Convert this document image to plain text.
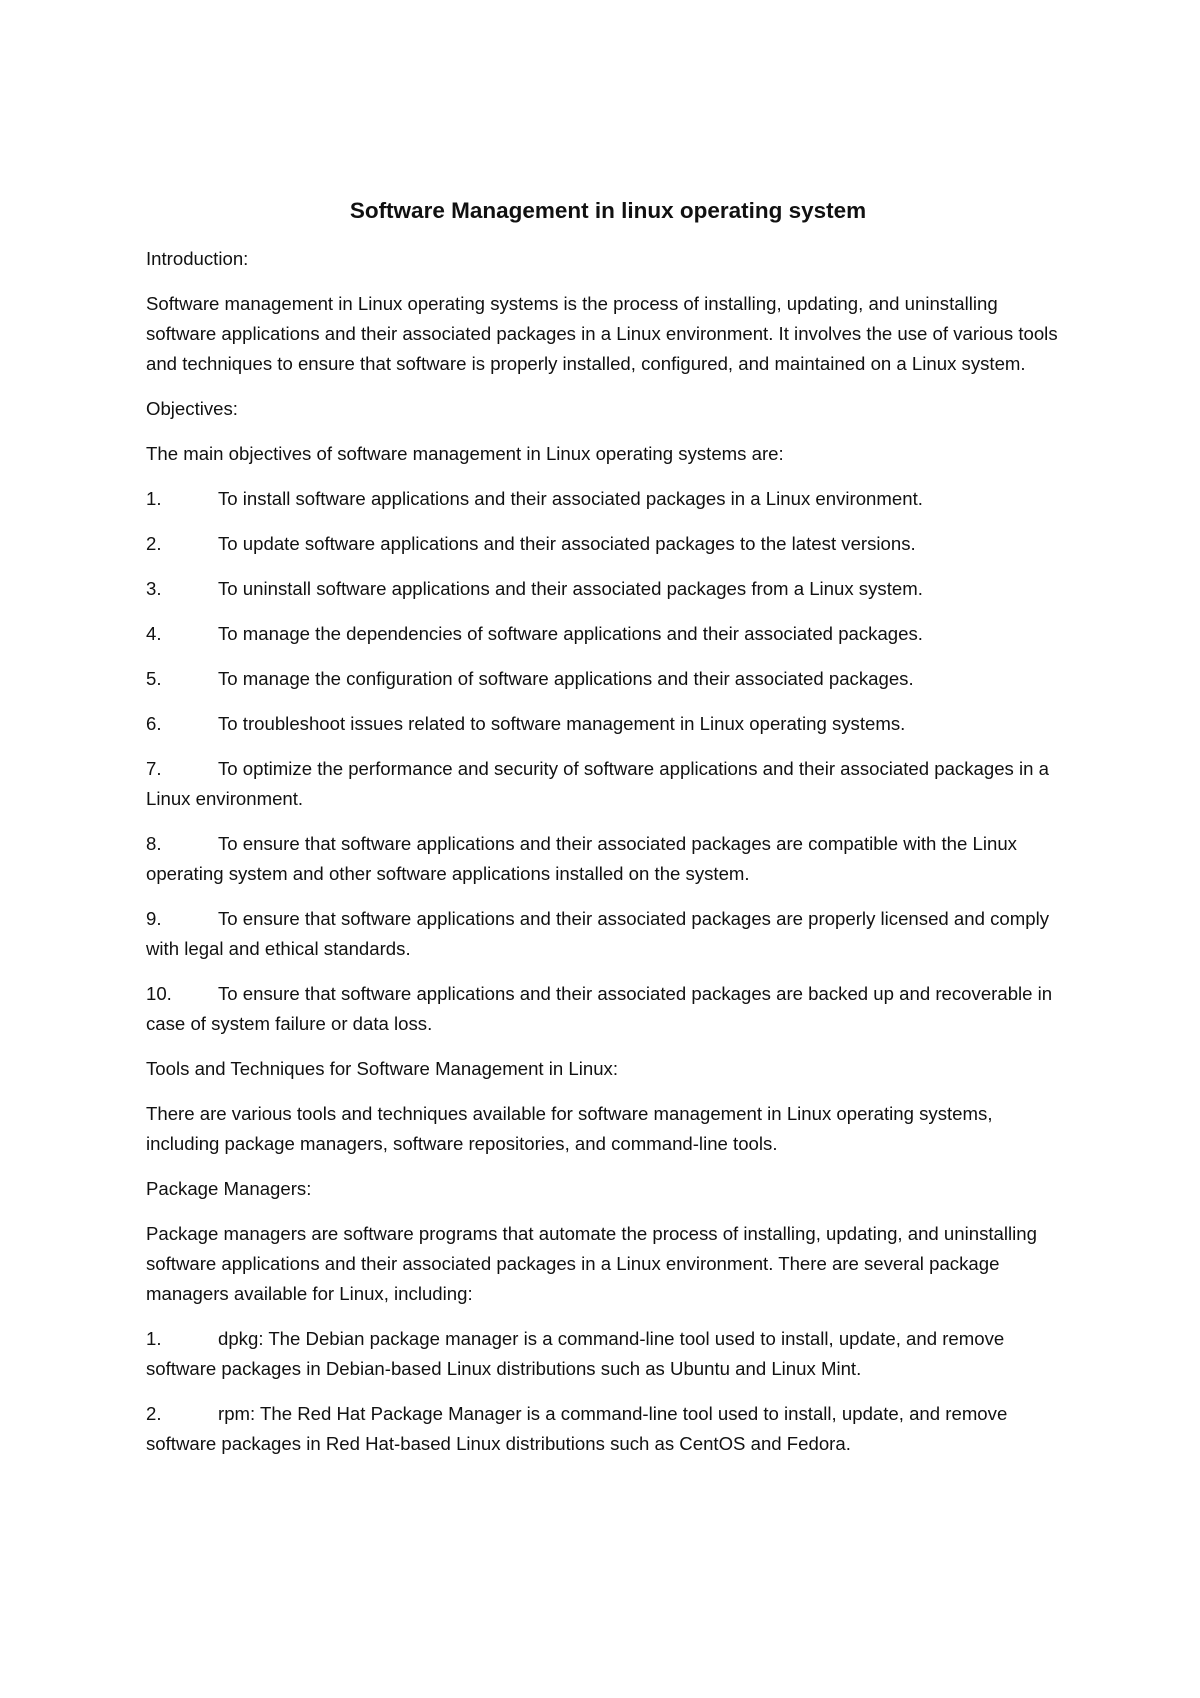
Software Management in linux operating system

Introduction:

Software management in Linux operating systems is the process of installing, updating, and uninstalling software applications and their associated packages in a Linux environment. It involves the use of various tools and techniques to ensure that software is properly installed, configured, and maintained on a Linux system.

Objectives:

The main objectives of software management in Linux operating systems are:

1.	To install software applications and their associated packages in a Linux environment.
2.	To update software applications and their associated packages to the latest versions.
3.	To uninstall software applications and their associated packages from a Linux system.
4.	To manage the dependencies of software applications and their associated packages.
5.	To manage the configuration of software applications and their associated packages.
6.	To troubleshoot issues related to software management in Linux operating systems.
7.	To optimize the performance and security of software applications and their associated packages in a Linux environment.
8.	To ensure that software applications and their associated packages are compatible with the Linux operating system and other software applications installed on the system.
9.	To ensure that software applications and their associated packages are properly licensed and comply with legal and ethical standards.
10. To ensure that software applications and their associated packages are backed up and recoverable in case of system failure or data loss.

Tools and Techniques for Software Management in Linux:

There are various tools and techniques available for software management in Linux operating systems, including package managers, software repositories, and command-line tools.

Package Managers:

Package managers are software programs that automate the process of installing, updating, and uninstalling software applications and their associated packages in a Linux environment. There are several package managers available for Linux, including:

1.	dpkg: The Debian package manager is a command-line tool used to install, update, and remove software packages in Debian-based Linux distributions such as Ubuntu and Linux Mint.
2.	rpm: The Red Hat Package Manager is a command-line tool used to install, update, and remove software packages in Red Hat-based Linux distributions such as CentOS and Fedora.
